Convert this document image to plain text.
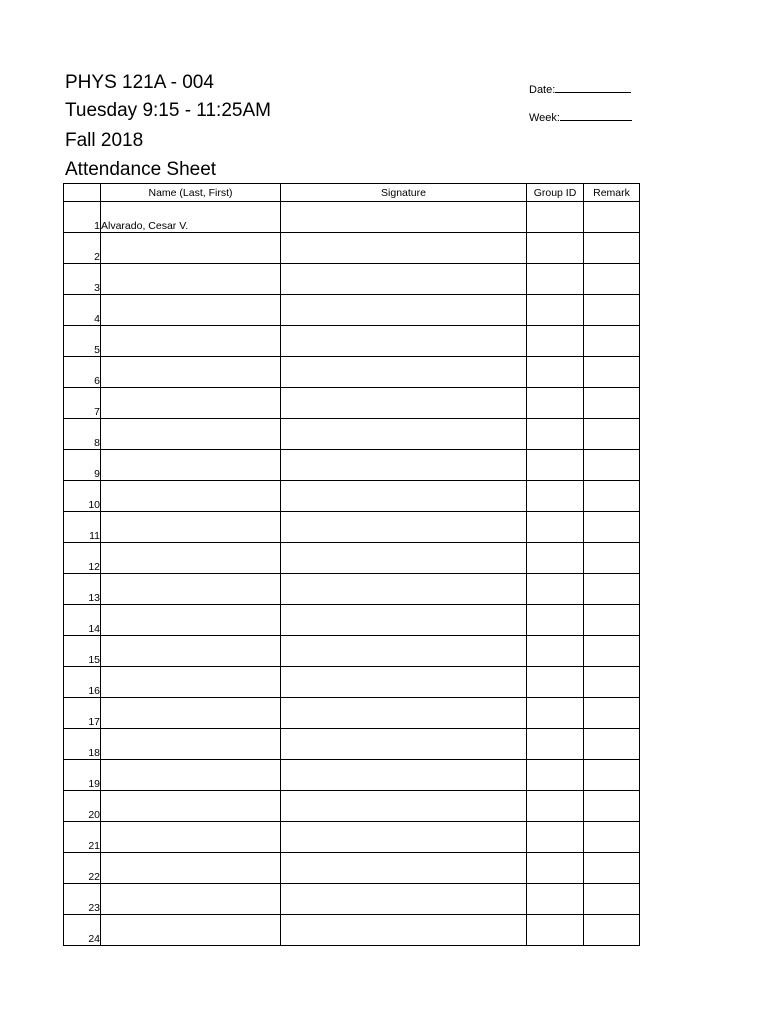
PHYS 121A - 004
Tuesday 9:15 - 11:25AM
Fall 2018
Attendance Sheet
Date:
Week:
	Name (Last, First)	Signature	Group ID	Remark
1	Alvarado, Cesar V.			
2				
3				
4				
5				
6				
7				
8				
9				
10				
11				
12				
13				
14				
15				
16				
17				
18				
19				
20				
21				
22				
23				
24				
